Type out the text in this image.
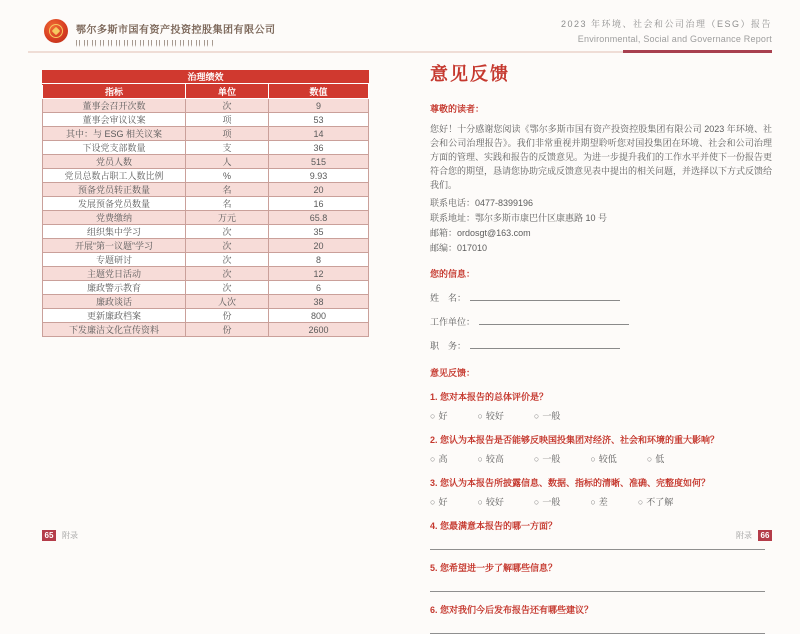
鄂尔多斯市国有资产投资控股集团有限公司
2023 年环境、社会和公司治理（ESG）报告
Environmental, Social and Governance Report
治理绩效
指标	单位	数值
董事会召开次数	次	9
董事会审议议案	项	53
其中：与 ESG 相关议案	项	14
下设党支部数量	支	36
党员人数	人	515
党员总数占职工人数比例	%	9.93
预备党员转正数量	名	20
发展预备党员数量	名	16
党费缴纳	万元	65.8
组织集中学习	次	35
开展“第一议题”学习	次	20
专题研讨	次	8
主题党日活动	次	12
廉政警示教育	次	6
廉政谈话	人次	38
更新廉政档案	份	800
下发廉洁文化宣传资料	份	2600
意见反馈
尊敬的读者：
您好！十分感谢您阅读《鄂尔多斯市国有资产投资控股集团有限公司 2023 年环境、社会和公司治理报告》。我们非常重视并期望聆听您对国投集团在环境、社会和公司治理方面的管理、实践和报告的反馈意见。为进一步提升我们的工作水平并使下一份报告更符合您的期望，恳请您协助完成反馈意见表中提出的相关问题，并选择以下方式反馈给我们。
联系电话：0477-8399196
联系地址：鄂尔多斯市康巴什区康惠路 10 号
邮箱：ordosgt@163.com
邮编：017010
您的信息：
姓　名：
工作单位：
职　务：
意见反馈：
1. 您对本报告的总体评价是？
○ 好	○ 较好	○ 一般
2. 您认为本报告是否能够反映国投集团对经济、社会和环境的重大影响？
○ 高	○ 较高	○ 一般	○ 较低	○ 低
3. 您认为本报告所披露信息、数据、指标的清晰、准确、完整度如何？
○ 好	○ 较好	○ 一般	○ 差	○ 不了解
4. 您最满意本报告的哪一方面？
5. 您希望进一步了解哪些信息？
6. 您对我们今后发布报告还有哪些建议？
65	附录	附录	66
